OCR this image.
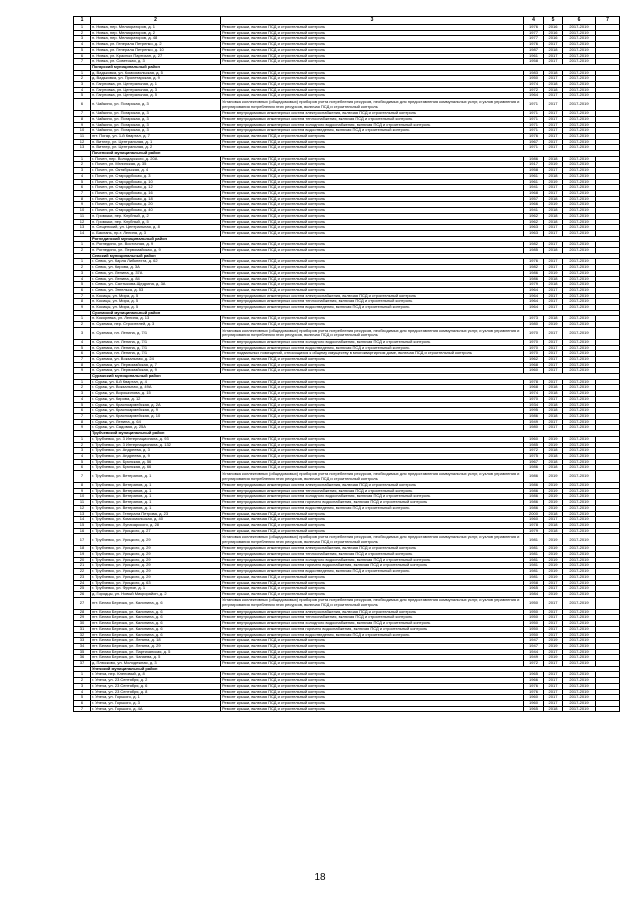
1	2	3	4	5	6	7
1	п. Нивка, пер. Мелиораторов, д. 1	Ремонт крыши, включая ПСД и строительный контроль	1976	2016	2017-2019	
2	п. Нивка, пер. Мелиораторов, д. 2	Ремонт крыши, включая ПСД и строительный контроль	1977	2016	2017-2019	
3	п. Нивка, пер. Мелиораторов, д. 48	Ремонт крыши, включая ПСД и строительный контроль	1977	2016	2017-2019	
4	п. Нивка, ул. Генерала Петренко, д. 2	Ремонт крыши, включая ПСД и строительный контроль	1976	2017	2017-2019	
5	п. Нивка, ул. Генерала Петренко, д. 10	Ремонт крыши, включая ПСД и строительный контроль	1987	2018	2017-2019	
6	п. Нивка, ул. Красных Партизан, д. 27	Ремонт крыши, включая ПСД и строительный контроль	1961	2017	2017-2019	
7	п. Нивка, ул. Советская, д. 3	Ремонт крыши, включая ПСД и строительный контроль	1958	2017	2017-2019	
	Погарский муниципальный район					
1	д. Вадьковка, ул. Комсомольская, д. 5	Ремонт крыши, включая ПСД и строительный контроль	1983	2018	2017-2019	
2	д. Вадьковка, ул. Пролетарская, д. 9	Ремонт крыши, включая ПСД и строительный контроль	1950	2017	2017-2019	
3	п. Гагуновка, ул. Центральная, д. 1	Ремонт крыши, включая ПСД и строительный контроль	1974	2018	2017-2019	
4	п. Гагуновка, ул. Центральная, д. 3	Ремонт крыши, включая ПСД и строительный контроль	1972	2018	2017-2019	
5	п. Гагуновка, ул. Центральная, д. 5	Ремонт крыши, включая ПСД и строительный контроль	1964	2017	2017-2019	
6	п. Чайкино, ул. Погарская, д. 3	Установка коллективных (общедомовых) приборов учета потребления ресурсов, необходимых для предоставления коммунальных услуг, и узлов управления и регулирования потребления этих ресурсов, включая ПСД и строительный контроль	1971	2017	2017-2019	
7	п. Чайкино, ул. Погарская, д. 3	Ремонт внутридомовых инженерных систем электроснабжения, включая ПСД и строительный контроль	1971	2017	2017-2019	
8	п. Чайкино, ул. Погарская, д. 3	Ремонт внутридомовых инженерных систем теплоснабжения, включая ПСД и строительный контроль	1971	2017	2017-2019	
9	п. Чайкино, ул. Погарская, д. 3	Ремонт внутридомовых инженерных систем холодного водоснабжения, включая ПСД и строительный контроль	1971	2017	2017-2019	
10	п. Чайкино, ул. Погарская, д. 3	Ремонт внутридомовых инженерных систем водоотведения, включая ПСД и строительный контроль	1971	2017	2017-2019	
11	пгт. Погар, ул. 1-й Квартал, д. 7	Ремонт крыши, включая ПСД и строительный контроль	1976	2017	2017-2019	
12	п. Витлер, ул. Центральная, д. 1	Ремонт крыши, включая ПСД и строительный контроль	1967	2017	2017-2019	
13	п. Витлер, ул. Центральная, д. 2	Ремонт крыши, включая ПСД и строительный контроль	1971	2017	2017-2019	
	Почепский муниципальный район					
1	г. Почеп, пер. Володарского, д. 20А	Ремонт крыши, включая ПСД и строительный контроль	1986	2018	2017-2019	
2	г. Почеп, ул. Мглинская, д. 35	Ремонт крыши, включая ПСД и строительный контроль	1917	2019	2017-2019	
3	г. Почеп, ул. Октябрьская, д. 4	Ремонт крыши, включая ПСД и строительный контроль	1958	2017	2017-2019	
4	г. Почеп, ул. Стародубская, д. 3	Ремонт крыши, включая ПСД и строительный контроль	1961	2018	2017-2019	
5	г. Почеп, ул. Стародубская, д. 10	Ремонт крыши, включая ПСД и строительный контроль	1961	2019	2017-2019	
6	г. Почеп, ул. Стародубская, д. 12	Ремонт крыши, включая ПСД и строительный контроль	1941	2017	2017-2019	
7	г. Почеп, ул. Стародубская, д. 16	Ремонт крыши, включая ПСД и строительный контроль	1968	2017	2017-2019	
8	г. Почеп, ул. Стародубская, д. 18	Ремонт крыши, включая ПСД и строительный контроль	1957	2018	2017-2019	
9	г. Почеп, ул. Стародубская, д. 20	Ремонт крыши, включая ПСД и строительный контроль	1966	2019	2017-2019	
10	г. Почеп, ул. Стародубская, д. 40	Ремонт крыши, включая ПСД и строительный контроль	1941	2018	2017-2019	
11	п. Громыки, пер. Клубный, д. 2	Ремонт крыши, включая ПСД и строительный контроль	1962	2018	2017-2019	
12	п. Громыки, пер. Клубный, д. 5	Ремонт крыши, включая ПСД и строительный контроль	1962	2018	2017-2019	
13	п. Сещенский, ул. Центральная, д. 8	Ремонт крыши, включая ПСД и строительный контроль	1963	2017	2017-2019	
14	с. Баклань, пр-т. Ленина, д. 3	Ремонт крыши, включая ПСД и строительный контроль	1963	2017	2017-2019	
	Рогнединский муниципальный район					
1	п. Рогнедино, ул. Восточная, д. 9	Ремонт крыши, включая ПСД и строительный контроль	1982	2017	2017-2019	
2	п. Рогнедино, ул. Первомайская, д. 9	Ремонт крыши, включая ПСД и строительный контроль	1985	2018	2017-2019	
	Севский муниципальный район					
1	г. Севск, ул. Карла Либкнехта, д. 62	Ремонт крыши, включая ПСД и строительный контроль	1976	2017	2017-2019	
2	г. Севск, ул. Кирова, д. 3А	Ремонт крыши, включая ПСД и строительный контроль	1982	2017	2017-2019	
3	г. Севск, ул. Ленина, д. 37А	Ремонт крыши, включая ПСД и строительный контроль	1986	2019	2017-2019	
4	г. Севск, ул. Ленина, д. 84	Ремонт крыши, включая ПСД и строительный контроль	1986	2018	2017-2019	
5	г. Севск, ул. Салтыкова-Щедрина, д. 3А	Ремонт крыши, включая ПСД и строительный контроль	1979	2018	2017-2019	
6	г. Севск, ул. Энгельса, д. 53	Ремонт крыши, включая ПСД и строительный контроль	1964	2017	2017-2019	
7	п. Косицы, ул. Мира, д. 5	Ремонт внутридомовых инженерных систем электроснабжения, включая ПСД и строительный контроль	1964	2017	2017-2019	
8	п. Косицы, ул. Мира, д. 5	Ремонт внутридомовых инженерных систем теплоснабжения, включая ПСД и строительный контроль	1964	2017	2017-2019	
9	п. Косицы, ул. Мира, д. 5	Ремонт внутридомовых инженерных систем водоотведения, включая ПСД и строительный контроль	1964	2017	2017-2019	
	Суземский муниципальный район					
1	п. Кокоревка, ул. Ленина, д. 13	Ремонт крыши, включая ПСД и строительный контроль	1973	2018	2017-2019	
2	п. Суземка, пер. Строителей, д. 3	Ремонт крыши, включая ПСД и строительный контроль	1980	2019	2017-2019	
3	п. Суземка, пл. Ленина, д. 7/1	Установка коллективных (общедомовых) приборов учета потребления ресурсов, необходимых для предоставления коммунальных услуг, и узлов управления и регулирования потребления этих ресурсов, включая ПСД и строительный контроль	1970	2017	2017-2019	
4	п. Суземка, пл. Ленина, д. 7/1	Ремонт внутридомовых инженерных систем холодного водоснабжения, включая ПСД и строительный контроль	1970	2017	2017-2019	
5	п. Суземка, пл. Ленина, д. 7/1	Ремонт внутридомовых инженерных систем водоотведения, включая ПСД и строительный контроль	1970	2017	2017-2019	
6	п. Суземка, пл. Ленина, д. 7/1	Ремонт подвальных помещений, относящихся к общему имуществу в многоквартирном доме, включая ПСД и строительный контроль	1970	2017	2017-2019	
7	п. Суземка, ул. Вокзальная, д. 24	Ремонт крыши, включая ПСД и строительный контроль	1962	2017	2017-2019	
8	п. Суземка, ул. Первомайская, д. 7	Ремонт крыши, включая ПСД и строительный контроль	1968	2017	2017-2019	
9	п. Суземка, ул. Первомайская, д. 9	Ремонт крыши, включая ПСД и строительный контроль	1960	2017	2017-2019	
	Суражский муниципальный район					
1	г. Сураж, ул. 6-й Квартал, д. 4	Ремонт крыши, включая ПСД и строительный контроль	1978	2017	2017-2019	
2	г. Сураж, ул. Вокзальная, д. 49А	Ремонт крыши, включая ПСД и строительный контроль	1968	2018	2017-2019	
3	г. Сураж, ул. Ворошилова, д. 15	Ремонт крыши, включая ПСД и строительный контроль	1974	2018	2017-2019	
4	г. Сураж, ул. Кирова, д. 12	Ремонт крыши, включая ПСД и строительный контроль	1970	2017	2017-2019	
5	г. Сураж, ул. Красноармейская, д. 2А	Ремонт крыши, включая ПСД и строительный контроль	1934	2018	2017-2019	
6	г. Сураж, ул. Красноармейская, д. 9	Ремонт крыши, включая ПСД и строительный контроль	1995	2018	2017-2019	
7	г. Сураж, ул. Красноармейская, д. 10	Ремонт крыши, включая ПСД и строительный контроль	1986	2018	2017-2019	
8	г. Сураж, ул. Ленина, д. 64	Ремонт крыши, включая ПСД и строительный контроль	1949	2017	2017-2019	
9	г. Сураж, ул. Садовая, д. 25А	Ремонт крыши, включая ПСД и строительный контроль	1980	2017	2017-2019	
	Трубчевский муниципальный район					
1	г. Трубчевск, ул. 3 Интернационала, д. 93	Ремонт крыши, включая ПСД и строительный контроль	1960	2019	2017-2019	
2	г. Трубчевск, ул. 3 Интернационала, д. 132	Ремонт крыши, включая ПСД и строительный контроль	1985	2019	2017-2019	
3	г. Трубчевск, ул. Андреева, д. 3	Ремонт крыши, включая ПСД и строительный контроль	1972	2018	2017-2019	
4	г. Трубчевск, ул. Андреева, д. 9	Ремонт крыши, включая ПСД и строительный контроль	1975	2018	2017-2019	
5	г. Трубчевск, ул. Брянская, д. 56	Ремонт крыши, включая ПСД и строительный контроль	1967	2018	2017-2019	
6	г. Трубчевск, ул. Брянская, д. 66	Ремонт крыши, включая ПСД и строительный контроль	1986	2018	2017-2019	
7	г. Трубчевск, ул. Ветеранов, д. 1	Установка коллективных (общедомовых) приборов учета потребления ресурсов, необходимых для предоставления коммунальных услуг, и узлов управления и регулирования потребления этих ресурсов, включая ПСД и строительный контроль	1986	2019	2017-2019	
8	г. Трубчевск, ул. Ветеранов, д. 1	Ремонт внутридомовых инженерных систем электроснабжения, включая ПСД и строительный контроль	1986	2019	2017-2019	
9	г. Трубчевск, ул. Ветеранов, д. 1	Ремонт внутридомовых инженерных систем теплоснабжения, включая ПСД и строительный контроль	1986	2019	2017-2019	
10	г. Трубчевск, ул. Ветеранов, д. 1	Ремонт внутридомовых инженерных систем холодного водоснабжения, включая ПСД и строительный контроль	1986	2019	2017-2019	
11	г. Трубчевск, ул. Ветеранов, д. 1	Ремонт внутридомовых инженерных систем горячего водоснабжения, включая ПСД и строительный контроль	1986	2019	2017-2019	
12	г. Трубчевск, ул. Ветеранов, д. 1	Ремонт внутридомовых инженерных систем водоотведения, включая ПСД и строительный контроль	1986	2019	2017-2019	
13	г. Трубчевск, ул. Генерала Петрова, д. 23	Ремонт крыши, включая ПСД и строительный контроль	2000	2018	2017-2019	
14	г. Трубчевск, ул. Комсомольская, д. 40	Ремонт крыши, включая ПСД и строительный контроль	1960	2017	2017-2019	
15	г. Трубчевск, ул. Луначарского, д. 28	Ремонт крыши, включая ПСД и строительный контроль	1978	2018	2017-2019	
16	г. Трубчевск, ул. Урицкого, д. 27	Ремонт крыши, включая ПСД и строительный контроль	1979	2018	2017-2019	
17	г. Трубчевск, ул. Урицкого, д. 29	Установка коллективных (общедомовых) приборов учета потребления ресурсов, необходимых для предоставления коммунальных услуг, и узлов управления и регулирования потребления этих ресурсов, включая ПСД и строительный контроль	1981	2019	2017-2019	
18	г. Трубчевск, ул. Урицкого, д. 29	Ремонт внутридомовых инженерных систем электроснабжения, включая ПСД и строительный контроль	1981	2019	2017-2019	
19	г. Трубчевск, ул. Урицкого, д. 29	Ремонт внутридомовых инженерных систем теплоснабжения, включая ПСД и строительный контроль	1981	2019	2017-2019	
20	г. Трубчевск, ул. Урицкого, д. 29	Ремонт внутридомовых инженерных систем холодного водоснабжения, включая ПСД и строительный контроль	1981	2019	2017-2019	
21	г. Трубчевск, ул. Урицкого, д. 29	Ремонт внутридомовых инженерных систем горячего водоснабжения, включая ПСД и строительный контроль	1981	2019	2017-2019	
22	г. Трубчевск, ул. Урицкого, д. 29	Ремонт внутридомовых инженерных систем водоотведения, включая ПСД и строительный контроль	1981	2019	2017-2019	
23	г. Трубчевск, ул. Урицкого, д. 29	Ремонт крыши, включая ПСД и строительный контроль	1981	2019	2017-2019	
24	г. Трубчевск, ул. Урицкого, д. 63	Ремонт крыши, включая ПСД и строительный контроль	1958	2017	2017-2019	
25	г. Трубчевск, ул. Фрунзе, д. 1	Ремонт крыши, включая ПСД и строительный контроль	1965	2017	2017-2019	
26	д. Городцы, ул. Новый Микрорайон, д. 2	Ремонт крыши, включая ПСД и строительный контроль	1984	2019	2017-2019	
27	пгт. Белая Березка, ул. Калинина, д. 6	Установка коллективных (общедомовых) приборов учета потребления ресурсов, необходимых для предоставления коммунальных услуг, и узлов управления и регулирования потребления этих ресурсов, включая ПСД и строительный контроль	1950	2017	2017-2019	
28	пгт. Белая Березка, ул. Калинина, д. 6	Ремонт внутридомовых инженерных систем электроснабжения, включая ПСД и строительный контроль	1950	2017	2017-2019	
29	пгт. Белая Березка, ул. Калинина, д. 6	Ремонт внутридомовых инженерных систем теплоснабжения, включая ПСД и строительный контроль	1950	2017	2017-2019	
30	пгт. Белая Березка, ул. Калинина, д. 6	Ремонт внутридомовых инженерных систем холодного водоснабжения, включая ПСД и строительный контроль	1950	2017	2017-2019	
31	пгт. Белая Березка, ул. Калинина, д. 6	Ремонт внутридомовых инженерных систем горячего водоснабжения, включая ПСД и строительный контроль	1950	2017	2017-2019	
32	пгт. Белая Березка, ул. Калинина, д. 6	Ремонт внутридомовых инженерных систем водоотведения, включая ПСД и строительный контроль	1950	2017	2017-2019	
33	пгт. Белая Березка, ул. Ленина, д. 18	Ремонт крыши, включая ПСД и строительный контроль	1947	2019	2017-2019	
34	пгт. Белая Березка, ул. Ленина, д. 29	Ремонт крыши, включая ПСД и строительный контроль	1947	2019	2017-2019	
35	пгт. Белая Березка, ул. Партизанская, д. 5	Ремонт крыши, включая ПСД и строительный контроль	1944	2017	2017-2019	
36	пгт. Белая Березка, ул. Чапаева, д. 5	Ремонт крыши, включая ПСД и строительный контроль	1949	2019	2017-2019	
37	д. Плюсково, ул. Молодежная, д. 3	Ремонт крыши, включая ПСД и строительный контроль	1972	2017	2017-2019	
	Унечский муниципальный район					
1	г. Унеча, пер. Кленовый, д. 8	Ремонт крыши, включая ПСД и строительный контроль	1965	2017	2017-2019	
2	г. Унеча, ул. 23 Сентября, д. 2	Ремонт крыши, включая ПСД и строительный контроль	1966	2017	2017-2019	
3	г. Унеча, ул. 23 Сентября, д. 6	Ремонт крыши, включая ПСД и строительный контроль	1976	2017	2017-2019	
4	г. Унеча, ул. 23 Сентября, д. 8	Ремонт крыши, включая ПСД и строительный контроль	1976	2017	2017-2019	
5	г. Унеча, ул. Горького, д. 1	Ремонт крыши, включая ПСД и строительный контроль	1960	2017	2017-2019	
6	г. Унеча, ул. Горького, д. 3	Ремонт крыши, включая ПСД и строительный контроль	1960	2017	2017-2019	
7	г. Унеча, ул. Горького, д. 4А	Ремонт крыши, включая ПСД и строительный контроль	1965	2018	2017-2019	
18
